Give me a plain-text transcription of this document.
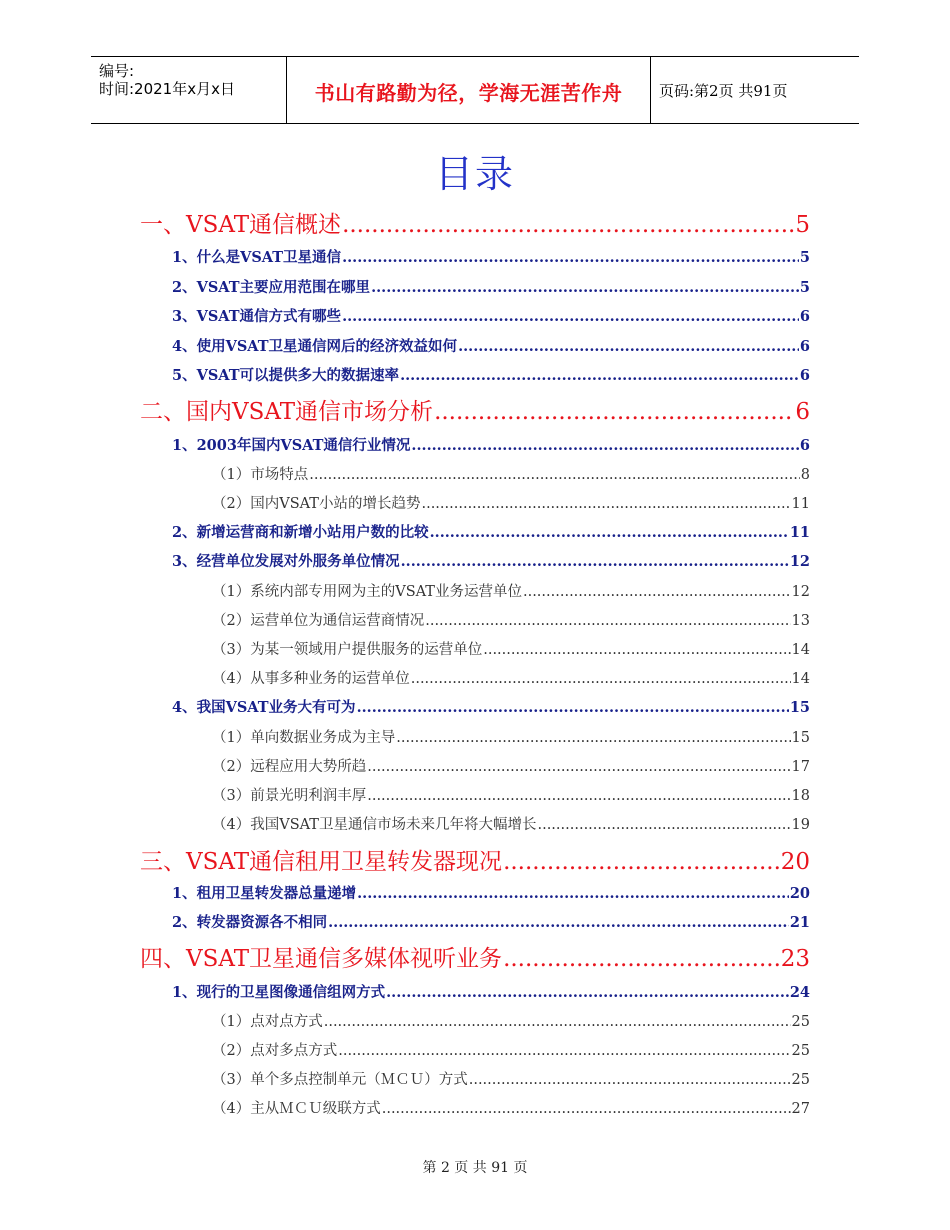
编号:
时间:2021年x月x日	书山有路勤为径，学海无涯苦作舟	页码:第2页 共91页
目录
一、VSAT通信概述 .....	5
1、什么是VSAT卫星通信 .....	5
2、VSAT主要应用范围在哪里 .....	5
3、VSAT通信方式有哪些 .....	6
4、使用VSAT卫星通信网后的经济效益如何 .....	6
5、VSAT可以提供多大的数据速率 .....	6
二、国内VSAT通信市场分析 .....	6
1、2003年国内VSAT通信行业情况 .....	6
（1）市场特点 .....	8
（2）国内VSAT小站的增长趋势 .....	11
2、新增运营商和新增小站用户数的比较 .....	11
3、经营单位发展对外服务单位情况 .....	12
（1）系统内部专用网为主的VSAT业务运营单位 .....	12
（2）运营单位为通信运营商情况 .....	13
（3）为某一领域用户提供服务的运营单位 .....	14
（4）从事多种业务的运营单位 .....	14
4、我国VSAT业务大有可为 .....	15
（1）单向数据业务成为主导 .....	15
（2）远程应用大势所趋 .....	17
（3）前景光明利润丰厚 .....	18
（4）我国VSAT卫星通信市场未来几年将大幅增长 .....	19
三、VSAT通信租用卫星转发器现况 .....	20
1、租用卫星转发器总量递增 .....	20
2、转发器资源各不相同 .....	21
四、VSAT卫星通信多媒体视听业务 .....	23
1、现行的卫星图像通信组网方式 .....	24
（1）点对点方式 .....	25
（2）点对多点方式 .....	25
（3）单个多点控制单元（ＭＣＵ）方式 .....	25
（4）主从ＭＣＵ级联方式 .....	27
第 2 页 共 91 页
